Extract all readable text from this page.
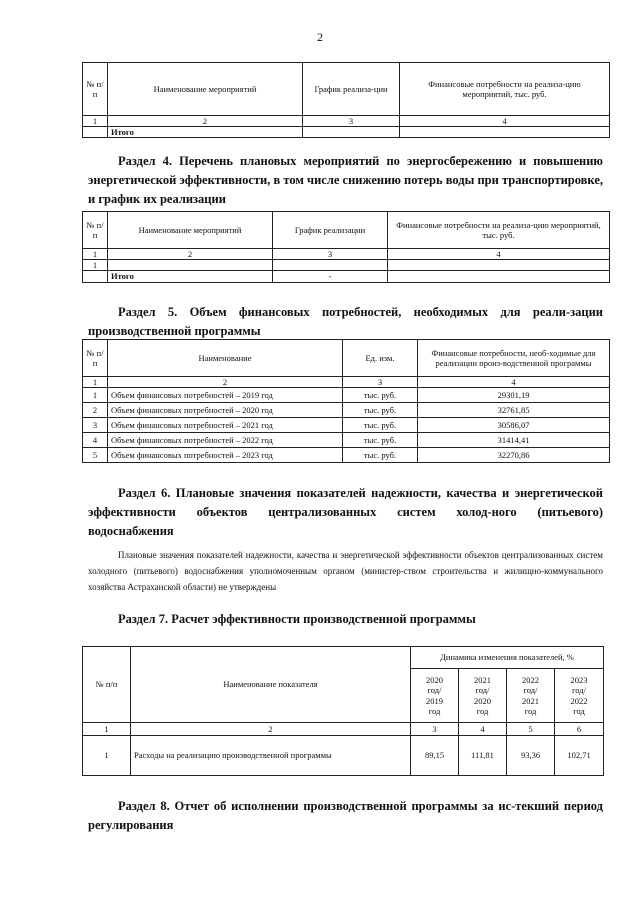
2
№ п/п	Наименование мероприятий	График реализа-ции	Финансовые потребности на реализа-цию мероприятий, тыс. руб.
1	2	3	4
	Итого		

Раздел 4. Перечень плановых мероприятий по энергосбережению и повышению энергетической эффективности, в том числе снижению потерь воды при транспортировке, и график их реализации

№ п/п	Наименование мероприятий	График реализации	Финансовые потребности на реализа-цию мероприятий, тыс. руб.
1	2	3	4
1			
	Итого	-	

Раздел 5. Объем финансовых потребностей, необходимых для реали-зации производственной программы

№ п/п	Наименование	Ед. изм.	Финансовые потребности, необ-ходимые для реализации произ-водственной программы
1	2	3	4
1	Объем финансовых потребностей – 2019 год	тыс. руб.	29301,19
2	Объем финансовых потребностей – 2020 год	тыс. руб.	32761,85
3	Объем финансовых потребностей – 2021 год	тыс. руб.	30586,07
4	Объем финансовых потребностей – 2022 год	тыс. руб.	31414,41
5	Объем финансовых потребностей – 2023 год	тыс. руб.	32270,86

Раздел 6. Плановые значения показателей надежности, качества и энергетической эффективности объектов централизованных систем холод-ного (питьевого) водоснабжения

Плановые значения показателей надежности, качества и энергетической эффективности объектов централизованных систем холодного (питьевого) водоснабжения уполномоченным органом (министер-ством строительства и жилищно-коммунального хозяйства Астраханской области) не утверждены

Раздел 7. Расчет эффективности производственной программы

№ п/п	Наименование показателя	Динамика изменения показателей, %			
		2020
год/
2019
год	2021
год/
2020
год	2022
год/
2021
год	2023
год/
2022
год
1	2	3	4	5	6
1	Расходы на реализацию производственной программы	89,15	111,81	93,36	102,71

Раздел 8. Отчет об исполнении производственной программы за ис-текший период регулирования
